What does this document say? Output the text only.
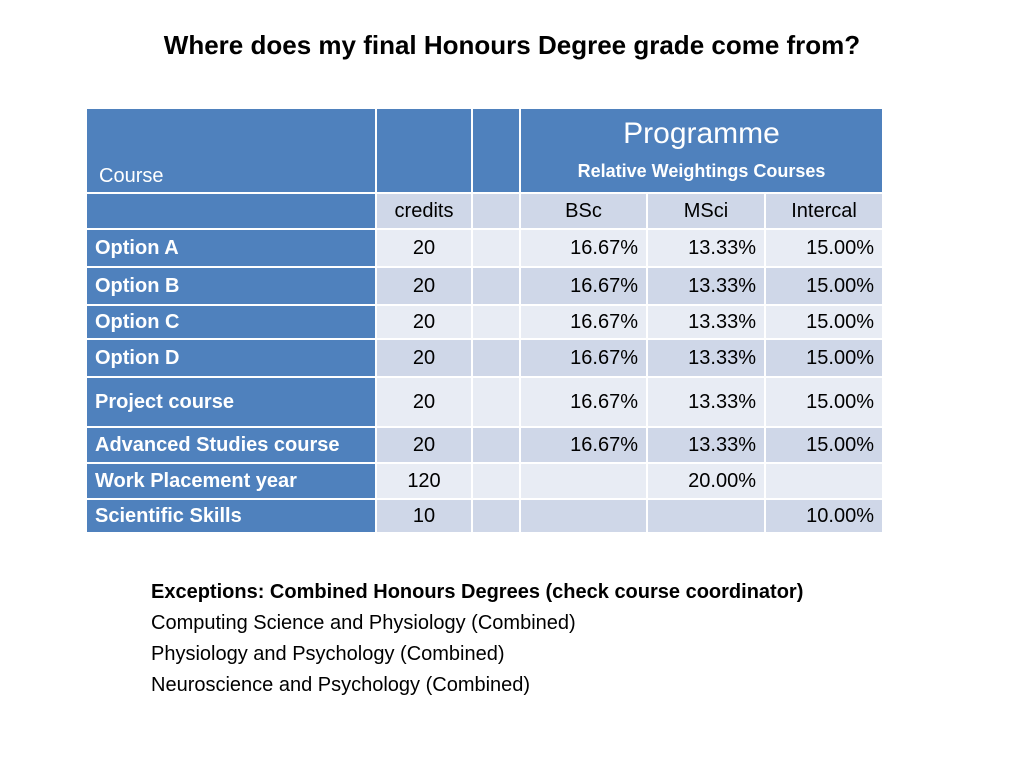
Where does my final Honours Degree grade come from?
Course			Programme
Relative Weightings Courses		

	credits		BSc	MSci	Intercal
Option A	20		16.67%	13.33%	15.00%
Option B	20		16.67%	13.33%	15.00%
Option C	20		16.67%	13.33%	15.00%
Option D	20		16.67%	13.33%	15.00%
Project course	20		16.67%	13.33%	15.00%
Advanced Studies course	20		16.67%	13.33%	15.00%
Work Placement year	120			20.00%	
Scientific Skills	10				10.00%
Exceptions: Combined Honours Degrees (check course coordinator)
Computing Science and Physiology (Combined)
Physiology and Psychology (Combined)
Neuroscience and Psychology (Combined)
